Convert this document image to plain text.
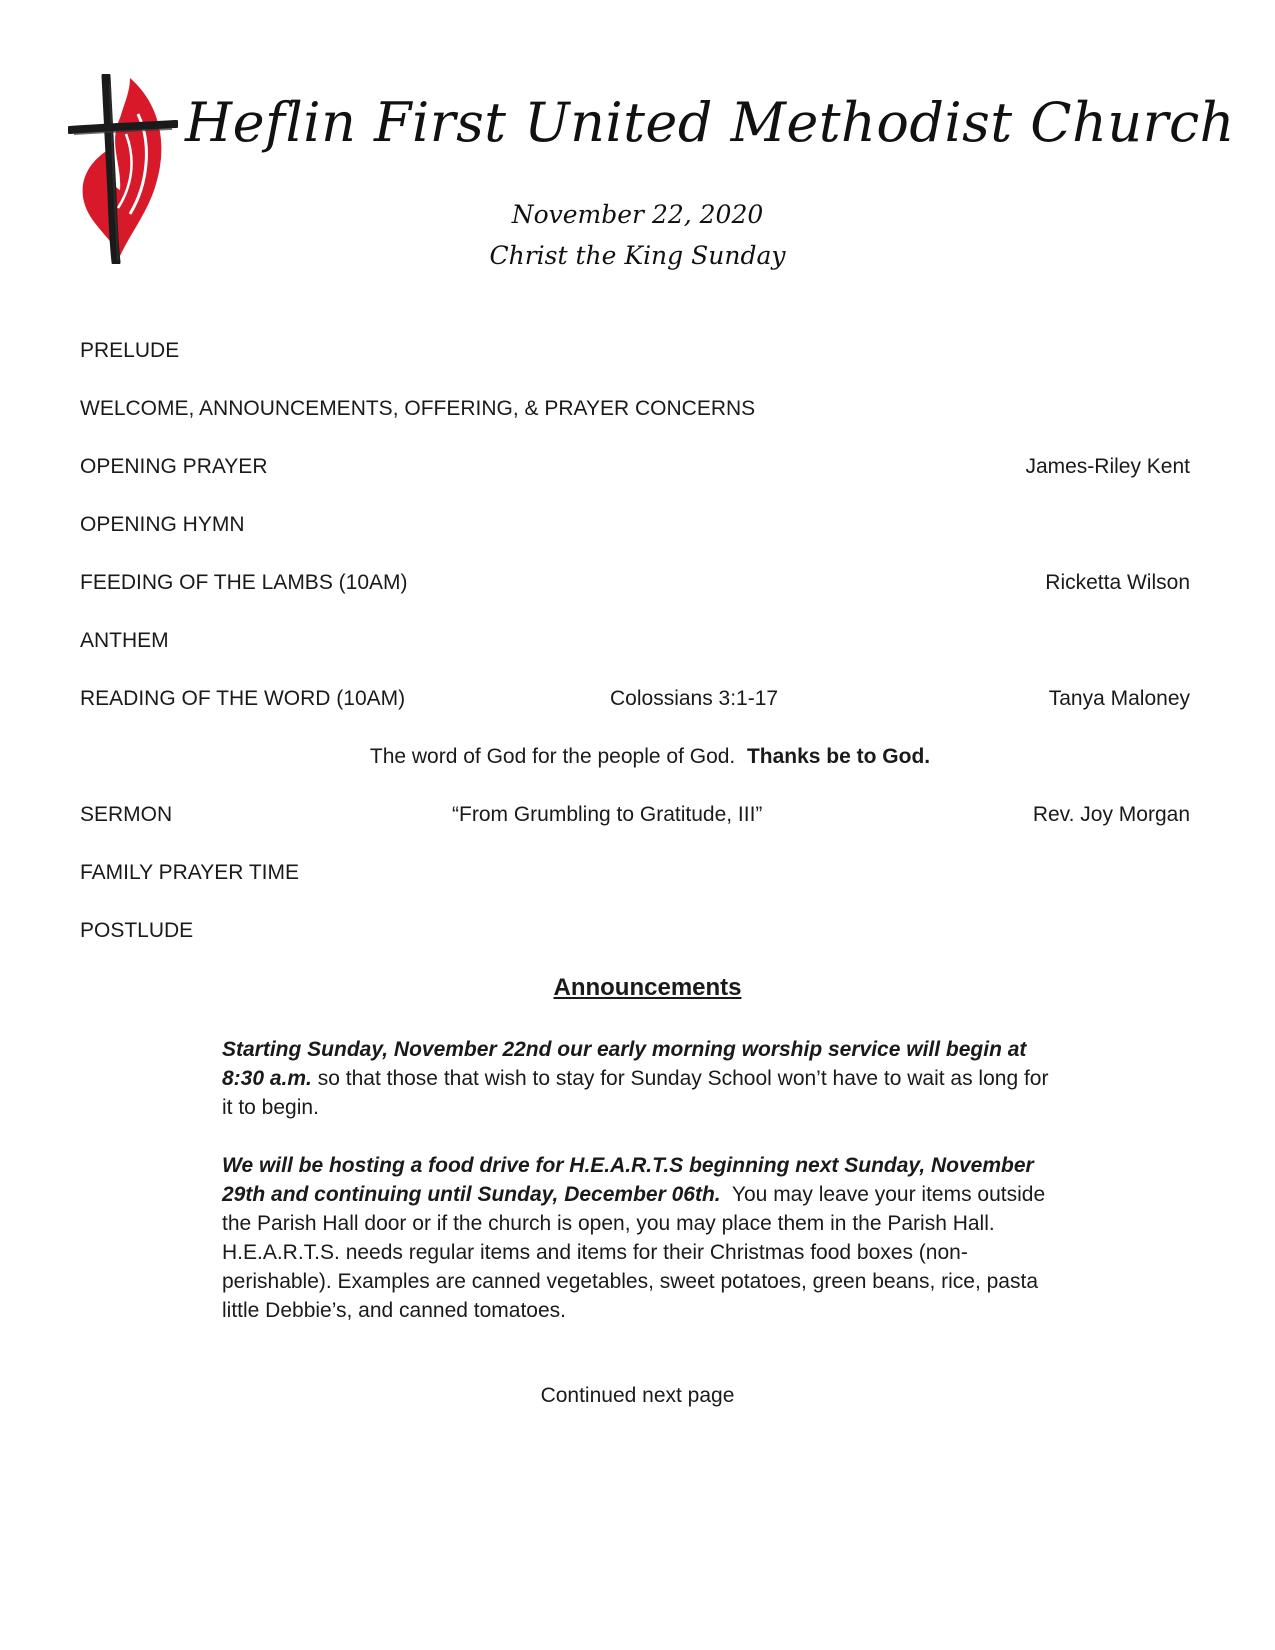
Heflin First United Methodist Church
November 22, 2020
Christ the King Sunday
PRELUDE
WELCOME, ANNOUNCEMENTS, OFFERING, & PRAYER CONCERNS
OPENING PRAYER	James-Riley Kent
OPENING HYMN
FEEDING OF THE LAMBS (10AM)	Ricketta Wilson
ANTHEM
READING OF THE WORD (10AM)	Colossians 3:1-17	Tanya Maloney
The word of God for the people of God. Thanks be to God.
SERMON	“From Grumbling to Gratitude, III”	Rev. Joy Morgan
FAMILY PRAYER TIME
POSTLUDE
Announcements

Starting Sunday, November 22nd our early morning worship service will begin at 8:30 a.m. so that those that wish to stay for Sunday School won’t have to wait as long for it to begin.

We will be hosting a food drive for H.E.A.R.T.S beginning next Sunday, November 29th and continuing until Sunday, December 06th. You may leave your items outside the Parish Hall door or if the church is open, you may place them in the Parish Hall. H.E.A.R.T.S. needs regular items and items for their Christmas food boxes (non-perishable). Examples are canned vegetables, sweet potatoes, green beans, rice, pasta little Debbie’s, and canned tomatoes.

Continued next page
